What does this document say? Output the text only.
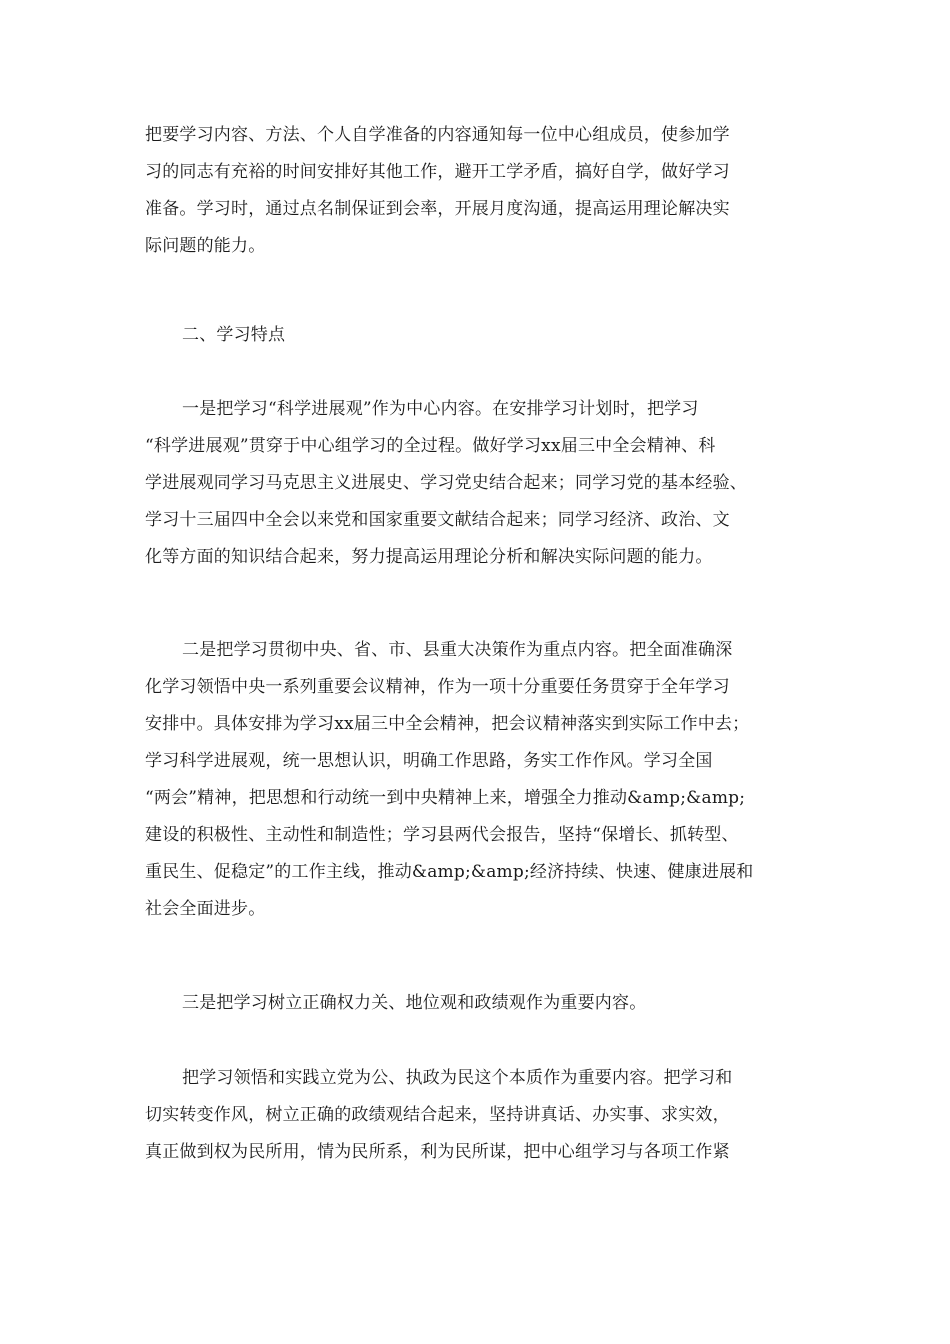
把要学习内容、方法、个人自学准备的内容通知每一位中心组成员，使参加学
习的同志有充裕的时间安排好其他工作，避开工学矛盾，搞好自学，做好学习
准备。学习时，通过点名制保证到会率，开展月度沟通，提高运用理论解决实
际问题的能力。
二、学习特点
一是把学习“科学进展观”作为中心内容。在安排学习计划时，把学习
“科学进展观”贯穿于中心组学习的全过程。做好学习xx届三中全会精神、科
学进展观同学习马克思主义进展史、学习党史结合起来；同学习党的基本经验、
学习十三届四中全会以来党和国家重要文献结合起来；同学习经济、政治、文
化等方面的知识结合起来，努力提高运用理论分析和解决实际问题的能力。
二是把学习贯彻中央、省、市、县重大决策作为重点内容。把全面准确深
化学习领悟中央一系列重要会议精神，作为一项十分重要任务贯穿于全年学习
安排中。具体安排为学习xx届三中全会精神，把会议精神落实到实际工作中去；
学习科学进展观，统一思想认识，明确工作思路，务实工作作风。学习全国
“两会”精神，把思想和行动统一到中央精神上来，增强全力推动&amp;&amp;
建设的积极性、主动性和制造性；学习县两代会报告，坚持“保增长、抓转型、
重民生、促稳定”的工作主线，推动&amp;&amp;经济持续、快速、健康进展和
社会全面进步。
三是把学习树立正确权力关、地位观和政绩观作为重要内容。
把学习领悟和实践立党为公、执政为民这个本质作为重要内容。把学习和
切实转变作风，树立正确的政绩观结合起来，坚持讲真话、办实事、求实效，
真正做到权为民所用，情为民所系，利为民所谋，把中心组学习与各项工作紧
